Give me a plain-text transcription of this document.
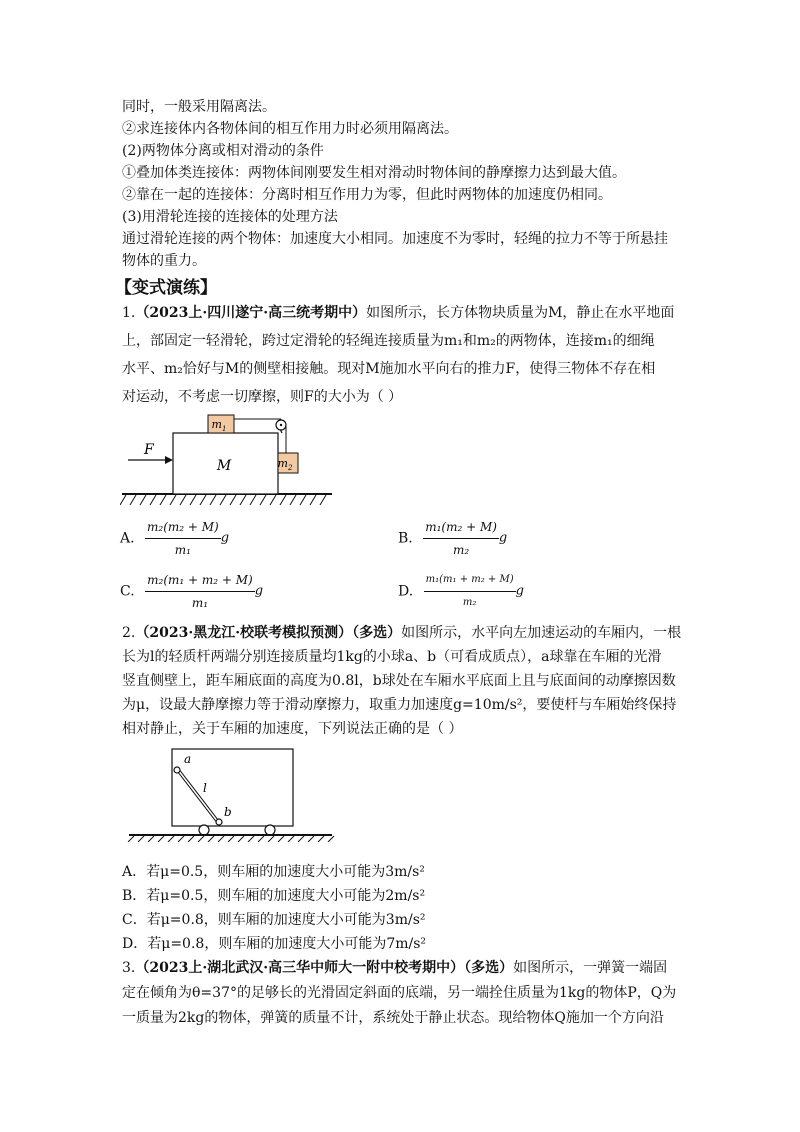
同时，一般采用隔离法。
②求连接体内各物体间的相互作用力时必须用隔离法。
(2)两物体分离或相对滑动的条件
①叠加体类连接体：两物体间刚要发生相对滑动时物体间的静摩擦力达到最大值。
②靠在一起的连接体：分离时相互作用力为零，但此时两物体的加速度仍相同。
(3)用滑轮连接的连接体的处理方法
通过滑轮连接的两个物体：加速度大小相同。加速度不为零时，轻绳的拉力不等于所悬挂
物体的重力。
【变式演练】
1.（2023上·四川遂宁·高三统考期中）如图所示，长方体物块质量为M，静止在水平地面
上，部固定一轻滑轮，跨过定滑轮的轻绳连接质量为m₁和m₂的两物体，连接m₁的细绳
水平、m₂恰好与M的侧壁相接触。现对M施加水平向右的推力F，使得三物体不存在相
对运动，不考虑一切摩擦，则F的大小为（ ）
M
F
$m_1$
$m_2$
A. $\frac{\text{m₂(m₂ + M)}}{\text{m₁}}$ g	B. $\frac{\text{m₁(m₂ + M)}}{\text{m₂}}$ g
C. $\frac{\text{m₂(m₁ + m₂ + M)}}{\text{m₁}}$ g	D. $\frac{\text{m₁(m₁ + m₂ + M)}}{\text{m₂}}$ g
2.（2023·黑龙江·校联考模拟预测）（多选）如图所示，水平向左加速运动的车厢内，一根
长为l的轻质杆两端分别连接质量均1kg的小球a、b（可看成质点），a球靠在车厢的光滑
竖直侧壁上，距车厢底面的高度为0.8l，b球处在车厢水平底面上且与底面间的动摩擦因数
为μ，设最大静摩擦力等于滑动摩擦力，取重力加速度g=10m/s²，要使杆与车厢始终保持
相对静止，关于车厢的加速度，下列说法正确的是（ ）
a
b
l
A．若μ=0.5，则车厢的加速度大小可能为3m/s²
B．若μ=0.5，则车厢的加速度大小可能为2m/s²
C．若μ=0.8，则车厢的加速度大小可能为3m/s²
D．若μ=0.8，则车厢的加速度大小可能为7m/s²
3.（2023上·湖北武汉·高三华中师大一附中校考期中）（多选）如图所示，一弹簧一端固
定在倾角为θ=37°的足够长的光滑固定斜面的底端，另一端拴住质量为1kg的物体P，Q为
一质量为2kg的物体，弹簧的质量不计，系统处于静止状态。现给物体Q施加一个方向沿
